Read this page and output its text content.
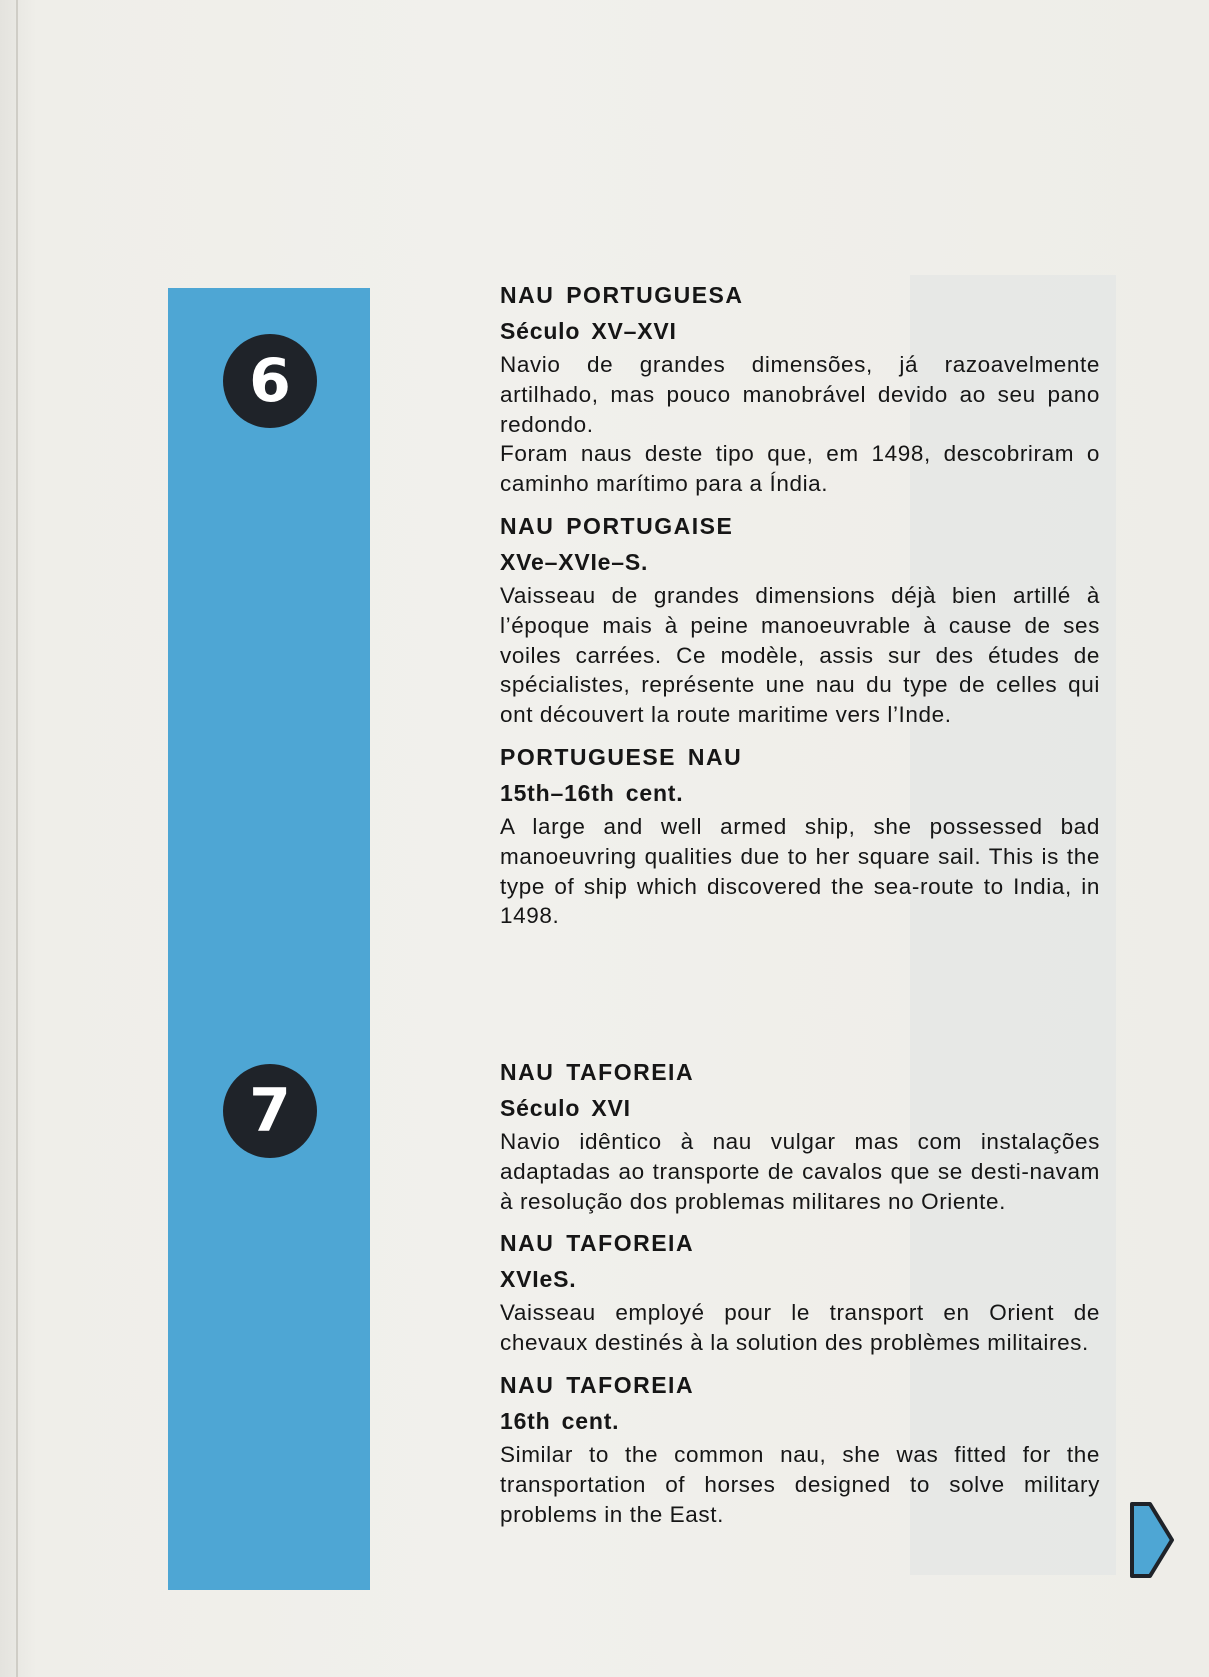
6
7
NAU PORTUGUESA
Século XV–XVI

Navio de grandes dimensões, já razoavelmente artilhado, mas pouco manobrável devido ao seu pano redondo.

Foram naus deste tipo que, em 1498, descobriram o caminho marítimo para a Índia.

NAU PORTUGAISE
XVe–XVIe–S.

Vaisseau de grandes dimensions déjà bien artillé à l’époque mais à peine manoeuvrable à cause de ses voiles carrées. Ce modèle, assis sur des études de spécialistes, représente une nau du type de celles qui ont découvert la route maritime vers l’Inde.

PORTUGUESE NAU
15th–16th cent.

A large and well armed ship, she possessed bad manoeuvring qualities due to her square sail. This is the type of ship which discovered the sea-route to India, in 1498.

NAU TAFOREIA
Século XVI

Navio idêntico à nau vulgar mas com instalações adaptadas ao transporte de cavalos que se desti-navam à resolução dos problemas militares no Oriente.

NAU TAFOREIA
XVIeS.

Vaisseau employé pour le transport en Orient de chevaux destinés à la solution des problèmes militaires.

NAU TAFOREIA
16th cent.

Similar to the common nau, she was fitted for the transportation of horses designed to solve military problems in the East.
